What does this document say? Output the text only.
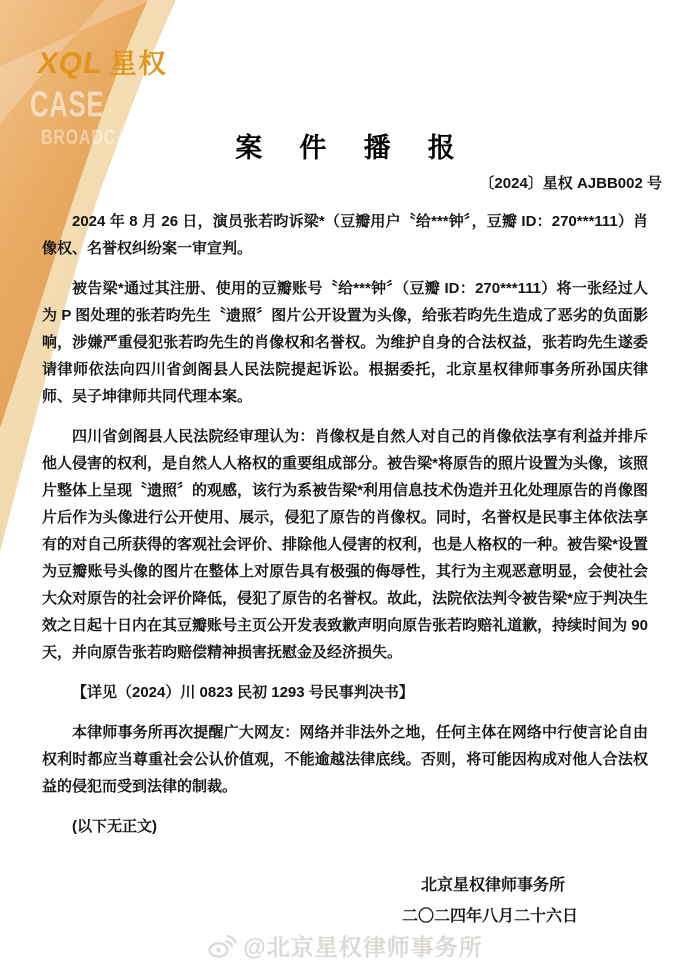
XQL 星权
CASE
BROADCAST	案 件 播 报
〔2024〕星权 AJBB002 号

2024 年 8 月 26 日，演员张若昀诉梁*（豆瓣用户〝给***钟〞，豆瓣 ID：270***111）肖像权、名誉权纠纷案一审宣判。

被告梁*通过其注册、使用的豆瓣账号〝给***钟〞（豆瓣 ID：270***111）将一张经过人为 P 图处理的张若昀先生〝遗照〞图片公开设置为头像，给张若昀先生造成了恶劣的负面影响，涉嫌严重侵犯张若昀先生的肖像权和名誉权。为维护自身的合法权益，张若昀先生遂委请律师依法向四川省剑阁县人民法院提起诉讼。根据委托，北京星权律师事务所孙国庆律师、吴子坤律师共同代理本案。

四川省剑阁县人民法院经审理认为：肖像权是自然人对自己的肖像依法享有利益并排斥他人侵害的权利，是自然人人格权的重要组成部分。被告梁*将原告的照片设置为头像，该照片整体上呈现〝遗照〞的观感，该行为系被告梁*利用信息技术伪造并丑化处理原告的肖像图片后作为头像进行公开使用、展示，侵犯了原告的肖像权。同时，名誉权是民事主体依法享有的对自己所获得的客观社会评价、排除他人侵害的权利，也是人格权的一种。被告梁*设置为豆瓣账号头像的图片在整体上对原告具有极强的侮辱性，其行为主观恶意明显，会使社会大众对原告的社会评价降低，侵犯了原告的名誉权。故此，法院依法判令被告梁*应于判决生效之日起十日内在其豆瓣账号主页公开发表致歉声明向原告张若昀赔礼道歉，持续时间为 90 天，并向原告张若昀赔偿精神损害抚慰金及经济损失。

【详见（2024）川 0823 民初 1293 号民事判决书】

本律师事务所再次提醒广大网友：网络并非法外之地，任何主体在网络中行使言论自由权利时都应当尊重社会公认价值观，不能逾越法律底线。否则，将可能因构成对他人合法权益的侵犯而受到法律的制裁。

(以下无正文)

北京星权律师事务所
二〇二四年八月二十六日
@北京星权律师事务所
